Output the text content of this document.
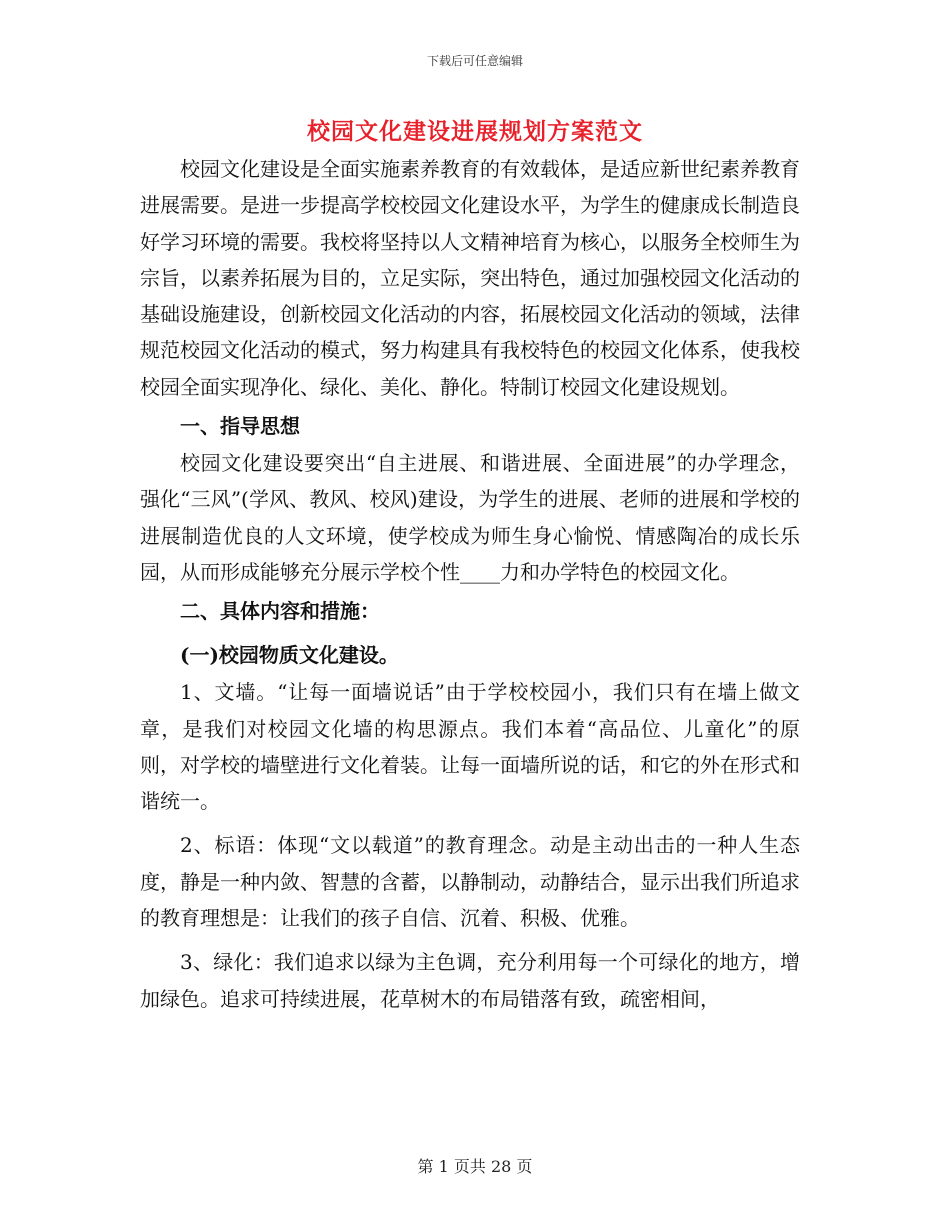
下载后可任意编辑
校园文化建设进展规划方案范文

校园文化建设是全面实施素养教育的有效载体，是适应新世纪素养教育进展需要。是进一步提高学校校园文化建设水平，为学生的健康成长制造良好学习环境的需要。我校将坚持以人文精神培育为核心，以服务全校师生为宗旨，以素养拓展为目的，立足实际，突出特色，通过加强校园文化活动的基础设施建设，创新校园文化活动的内容，拓展校园文化活动的领域，法律规范校园文化活动的模式，努力构建具有我校特色的校园文化体系，使我校校园全面实现净化、绿化、美化、静化。特制订校园文化建设规划。

一、指导思想

校园文化建设要突出“自主进展、和谐进展、全面进展”的办学理念，强化“三风”(学风、教风、校风)建设，为学生的进展、老师的进展和学校的进展制造优良的人文环境，使学校成为师生身心愉悦、情感陶冶的成长乐园，从而形成能够充分展示学校个性____力和办学特色的校园文化。

二、具体内容和措施：

(一)校园物质文化建设。

1、文墙。“让每一面墙说话”由于学校校园小，我们只有在墙上做文章，是我们对校园文化墙的构思源点。我们本着“高品位、儿童化”的原则，对学校的墙壁进行文化着装。让每一面墙所说的话，和它的外在形式和谐统一。

2、标语：体现“文以载道”的教育理念。动是主动出击的一种人生态度，静是一种内敛、智慧的含蓄，以静制动，动静结合，显示出我们所追求的教育理想是：让我们的孩子自信、沉着、积极、优雅。

3、绿化：我们追求以绿为主色调，充分利用每一个可绿化的地方，增加绿色。追求可持续进展，花草树木的布局错落有致，疏密相间，

第 1 页共 28 页
